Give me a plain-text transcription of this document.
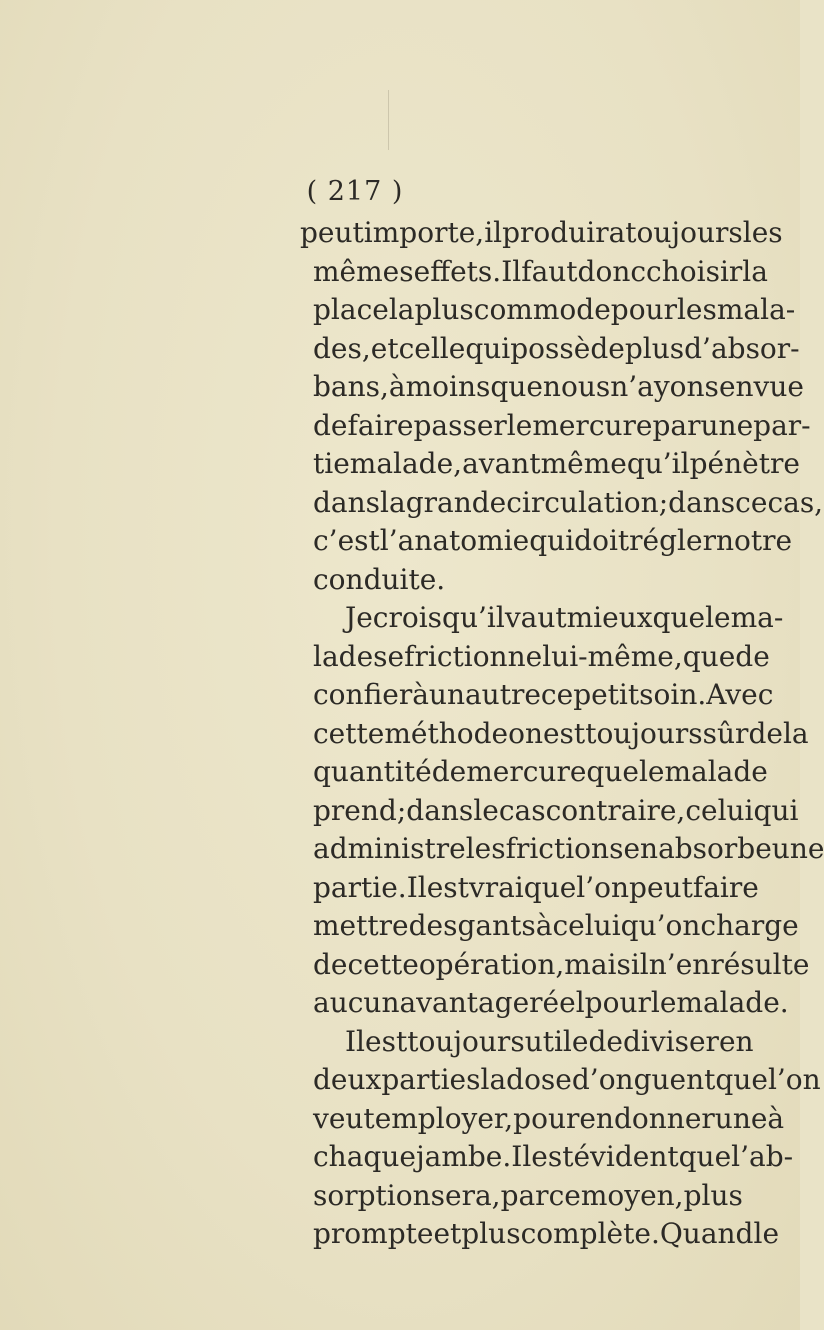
( 217 )
peut importe, il produira toujours les
mêmes effets. Il faut donc choisir la
place la plus commode pour les mala-
des, et celle qui possède plus d’absor-
bans, à moins que nous n’ayons en vue
de faire passer le mercure par une par-
tie malade, avant même qu’il pénètre
dans la grande circulation ; dans ce cas,
c’est l’anatomie qui doit régler notre
conduite.
Je crois qu’il vaut mieux que le ma-
lade se frictionne lui-même, que de
confier à un autre ce petit soin. Avec
cette méthode on est toujours sûr de la
quantité de mercure que le malade
prend ; dans le cas contraire, celui qui
administre les frictions en absorbe une
partie. Il est vrai que l’on peut faire
mettre des gants à celui qu’on charge
de cette opération, mais il n’en résulte
aucun avantage réel pour le malade.
Il est toujours utile de diviser en
deux parties la dose d’onguent que l’on
veut employer, pour en donner une à
chaque jambe. Il est évident que l’ab-
sorption sera, par ce moyen, plus
prompte et plus complète. Quand le
